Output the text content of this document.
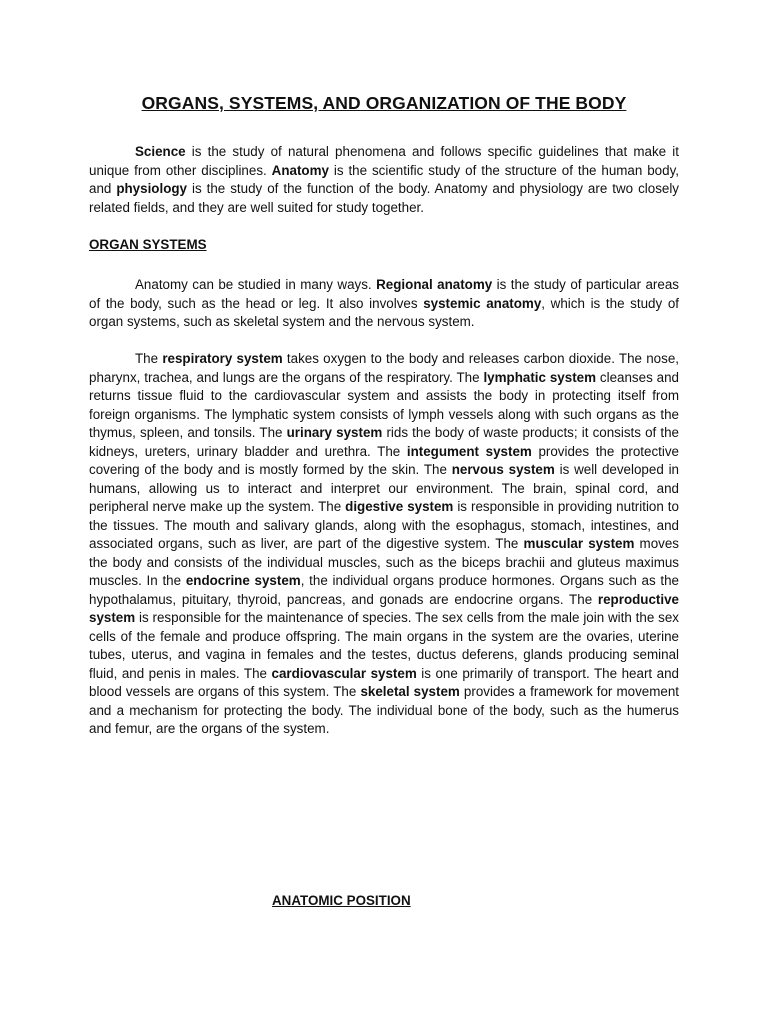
ORGANS, SYSTEMS, AND ORGANIZATION OF THE BODY

Science is the study of natural phenomena and follows specific guidelines that make it unique from other disciplines. Anatomy is the scientific study of the structure of the human body, and physiology is the study of the function of the body. Anatomy and physiology are two closely related fields, and they are well suited for study together.

ORGAN SYSTEMS

Anatomy can be studied in many ways. Regional anatomy is the study of particular areas of the body, such as the head or leg. It also involves systemic anatomy, which is the study of organ systems, such as skeletal system and the nervous system.

The respiratory system takes oxygen to the body and releases carbon dioxide. The nose, pharynx, trachea, and lungs are the organs of the respiratory. The lymphatic system cleanses and returns tissue fluid to the cardiovascular system and assists the body in protecting itself from foreign organisms. The lymphatic system consists of lymph vessels along with such organs as the thymus, spleen, and tonsils. The urinary system rids the body of waste products; it consists of the kidneys, ureters, urinary bladder and urethra. The integument system provides the protective covering of the body and is mostly formed by the skin. The nervous system is well developed in humans, allowing us to interact and interpret our environment. The brain, spinal cord, and peripheral nerve make up the system. The digestive system is responsible in providing nutrition to the tissues. The mouth and salivary glands, along with the esophagus, stomach, intestines, and associated organs, such as liver, are part of the digestive system. The muscular system moves the body and consists of the individual muscles, such as the biceps brachii and gluteus maximus muscles. In the endocrine system, the individual organs produce hormones. Organs such as the hypothalamus, pituitary, thyroid, pancreas, and gonads are endocrine organs. The reproductive system is responsible for the maintenance of species. The sex cells from the male join with the sex cells of the female and produce offspring. The main organs in the system are the ovaries, uterine tubes, uterus, and vagina in females and the testes, ductus deferens, glands producing seminal fluid, and penis in males. The cardiovascular system is one primarily of transport. The heart and blood vessels are organs of this system. The skeletal system provides a framework for movement and a mechanism for protecting the body. The individual bone of the body, such as the humerus and femur, are the organs of the system.

ANATOMIC POSITION
